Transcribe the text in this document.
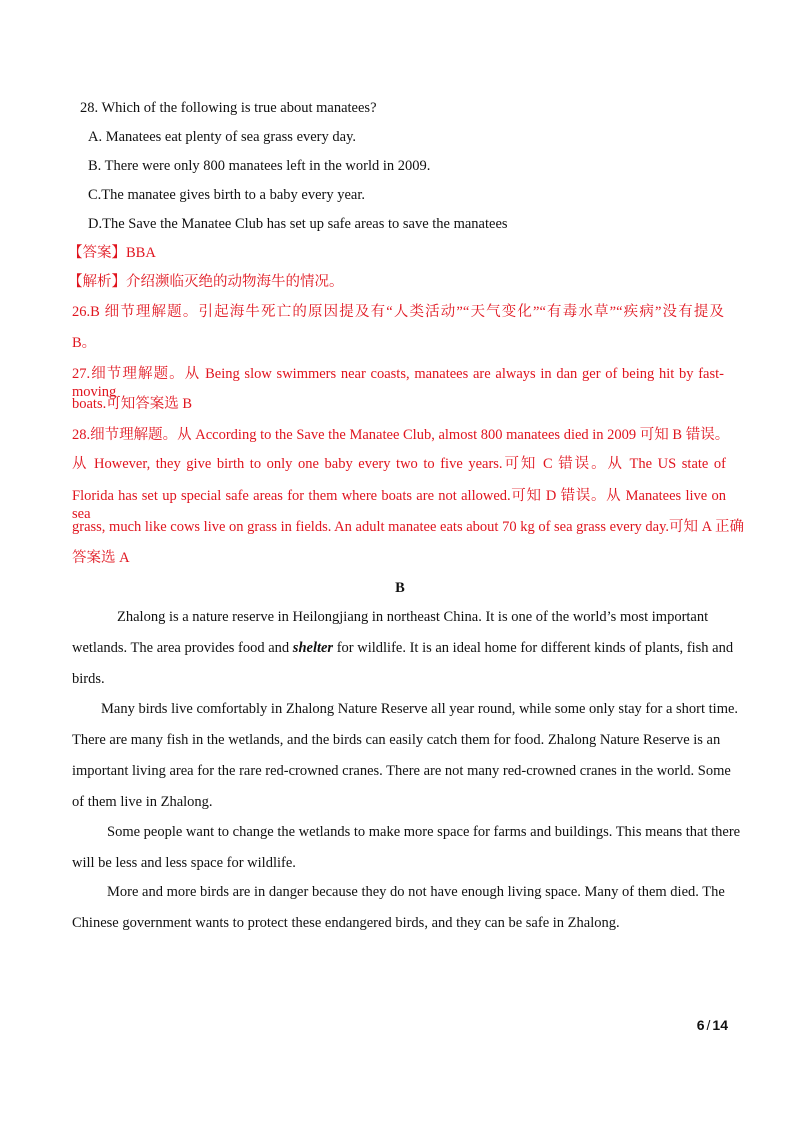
28. Which of the following is true about manatees?
A. Manatees eat plenty of sea grass every day.
B. There were only 800 manatees left in the world in 2009.
C.The manatee gives birth to a baby every year.
D.The Save the Manatee Club has set up safe areas to save the manatees
【答案】BBA
【解析】介绍濒临灭绝的动物海牛的情况。
26.B 细节理解题。引起海牛死亡的原因提及有“人类活动”“天气变化”“有毒水草”“疾病”没有提及
B。
27.细节理解题。从 Being slow swimmers near coasts, manatees are always in dan ger of being hit by fast-moving
boats.可知答案选 B
28.细节理解题。从 According to the Save the Manatee Club, almost 800 manatees died in 2009 可知 B 错误。
从 However, they give birth to only one baby every two to five years.可知 C 错误。从 The US state of
Florida has set up special safe areas for them where boats are not allowed.可知 D 错误。从 Manatees live on sea
grass, much like cows live on grass in fields. An adult manatee eats about 70 kg of sea grass every day.可知 A 正确
答案选 A
B
Zhalong is a nature reserve in Heilongjiang in northeast China. It is one of the world’s most important
wetlands. The area provides food and shelter for wildlife. It is an ideal home for different kinds of plants, fish and
birds.
Many birds live comfortably in Zhalong Nature Reserve all year round, while some only stay for a short time.
There are many fish in the wetlands, and the birds can easily catch them for food. Zhalong Nature Reserve is an
important living area for the rare red-crowned cranes. There are not many red-crowned cranes in the world. Some
of them live in Zhalong.
Some people want to change the wetlands to make more space for farms and buildings. This means that there
will be less and less space for wildlife.
More and more birds are in danger because they do not have enough living space. Many of them died. The
Chinese government wants to protect these endangered birds, and they can be safe in Zhalong.
6 / 14
